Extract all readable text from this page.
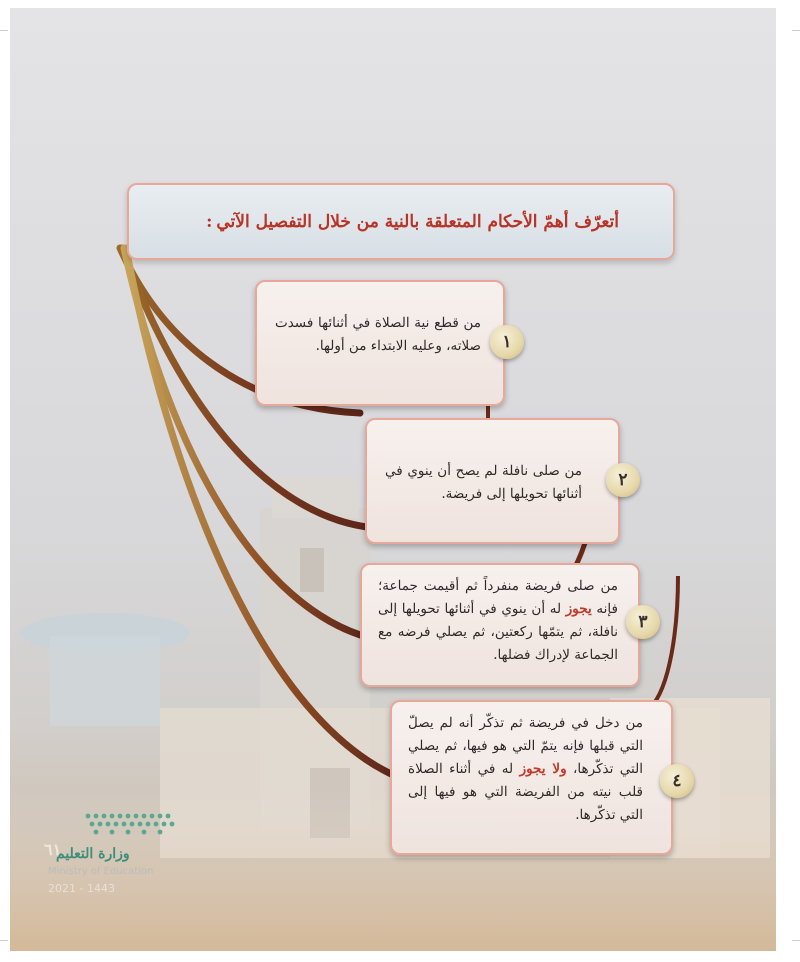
أتعرّف أهمّ الأحكام المتعلقة بالنية من خلال التفصيل الآتي
:
من قطع نية الصلاة في أثنائها فسدت صلاته، وعليه الابتداء من أولها.	١
من صلى نافلة لم يصح أن ينوي في أثنائها تحويلها إلى فريضة.
٢
من صلى فريضة منفرداً ثم أقيمت جماعة؛ فإنه يجوز له أن ينوي في أثنائها تحويلها إلى نافلة، ثم يتمّها ركعتين، ثم يصلي فرضه مع الجماعة لإدراك فضلها.
٣
من دخل في فريضة ثم تذكّر أنه لم يصلّ التي قبلها فإنه يتمّ التي هو فيها، ثم يصلي التي تذكّرها، ولا يجوز له في أثناء الصلاة قلب نيته من الفريضة التي هو فيها إلى التي تذكّرها.
٤
وزارة التعليم
Ministry of Education
2021 - 1443
٦١
